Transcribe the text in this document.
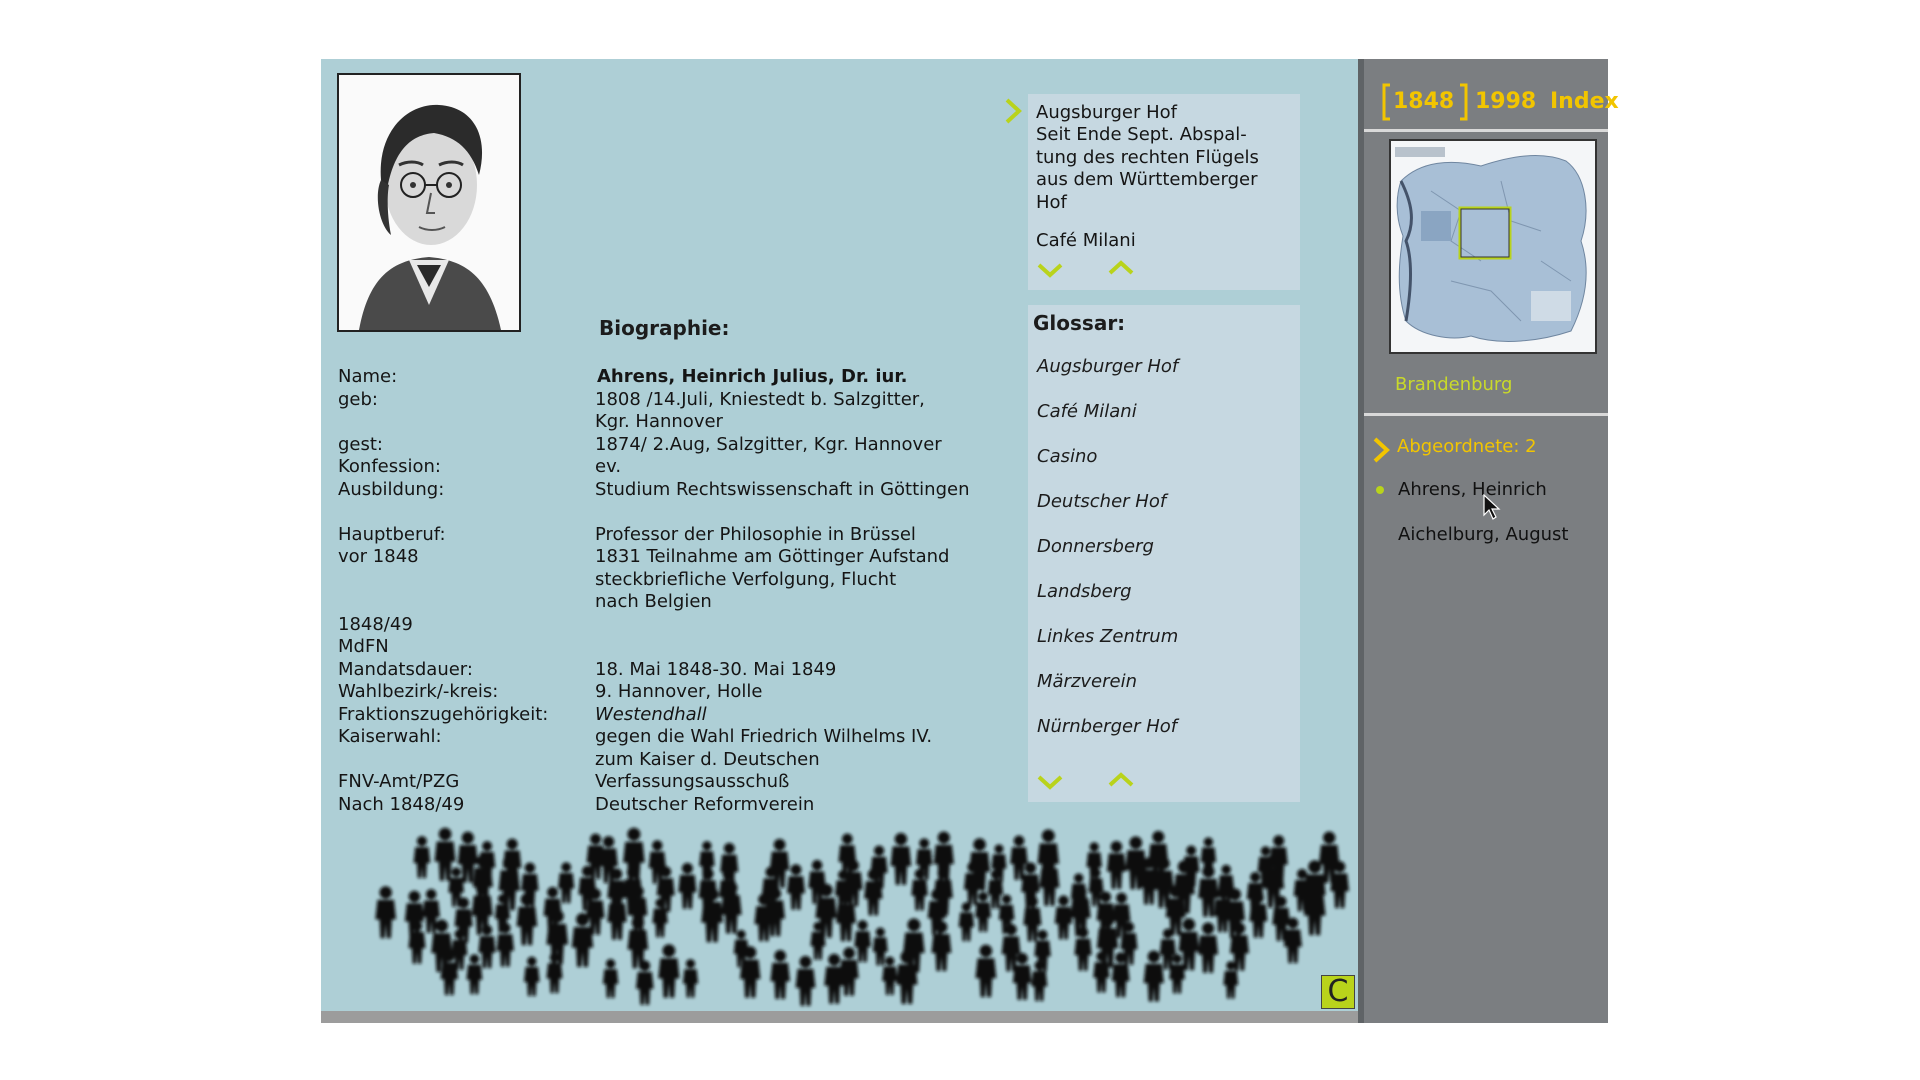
Biographie:
Name:	Ahrens, Heinrich Julius, Dr. iur.
geb:	1808 /14.Juli, Kniestedt b. Salzgitter,
Kgr. Hannover
gest:	1874/ 2.Aug, Salzgitter, Kgr. Hannover
Konfession:	ev.
Ausbildung:	Studium Rechtswissenschaft in Göttingen
Hauptberuf:	Professor der Philosophie in Brüssel
vor 1848	1831 Teilnahme am Göttinger Aufstand
steckbriefliche Verfolgung, Flucht
nach Belgien
1848/49
MdFN
Mandatsdauer:	18. Mai 1848-30. Mai 1849
Wahlbezirk/-kreis:	9. Hannover, Holle
Fraktionszugehörigkeit:	Westendhall
Kaiserwahl:	gegen die Wahl Friedrich Wilhelms IV.
zum Kaiser d. Deutschen
FNV-Amt/PZG	Verfassungsausschuß
Nach 1848/49	Deutscher Reformverein
Augsburger Hof
Seit Ende Sept. Abspal-
tung des rechten Flügels
aus dem Württemberger
Hof
Café Milani
Glossar:
Augsburger Hof
Café Milani
Casino
Deutscher Hof
Donnersberg
Landsberg
Linkes Zentrum
Märzverein
Nürnberger Hof
C
1848 1998 Index
Brandenburg
Abgeordnete: 2
Ahrens, Heinrich
Aichelburg, August
